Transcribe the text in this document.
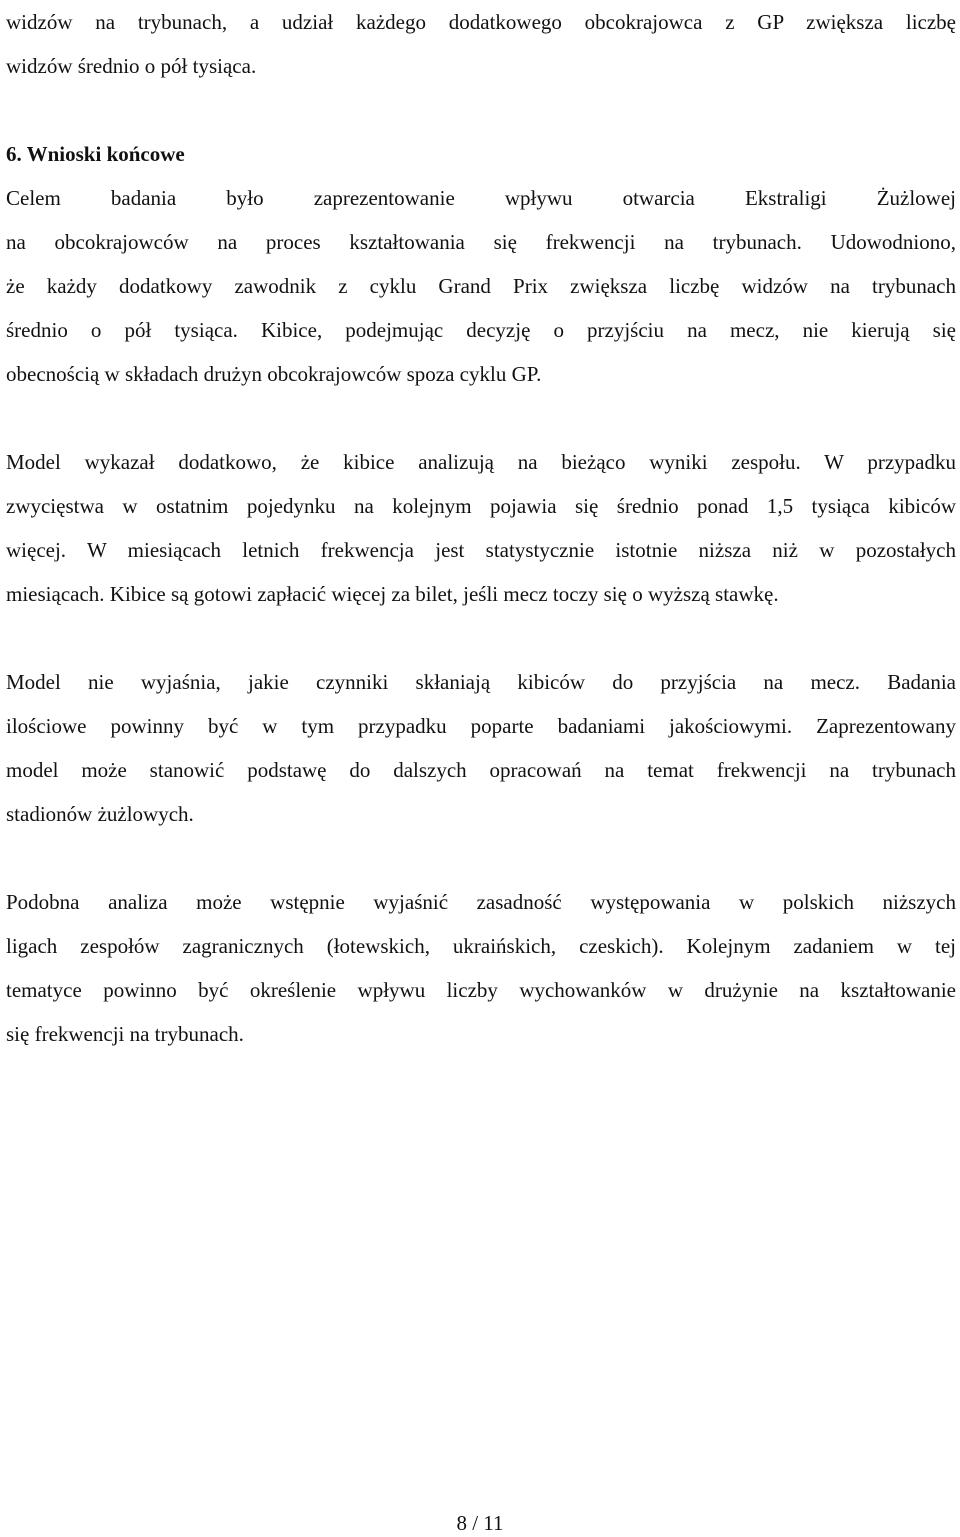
widzów na trybunach, a udział każdego dodatkowego obcokrajowca z GP zwiększa liczbę
widzów średnio o pół tysiąca.

6. Wnioski końcowe

Celem badania było zaprezentowanie wpływu otwarcia Ekstraligi Żużlowej
na obcokrajowców na proces kształtowania się frekwencji na trybunach. Udowodniono,
że każdy dodatkowy zawodnik z cyklu Grand Prix zwiększa liczbę widzów na trybunach
średnio o pół tysiąca. Kibice, podejmując decyzję o przyjściu na mecz, nie kierują się
obecnością w składach drużyn obcokrajowców spoza cyklu GP.

Model wykazał dodatkowo, że kibice analizują na bieżąco wyniki zespołu. W przypadku
zwycięstwa w ostatnim pojedynku na kolejnym pojawia się średnio ponad 1,5 tysiąca kibiców
więcej. W miesiącach letnich frekwencja jest statystycznie istotnie niższa niż w pozostałych
miesiącach. Kibice są gotowi zapłacić więcej za bilet, jeśli mecz toczy się o wyższą stawkę.

Model nie wyjaśnia, jakie czynniki skłaniają kibiców do przyjścia na mecz. Badania
ilościowe powinny być w tym przypadku poparte badaniami jakościowymi. Zaprezentowany
model może stanowić podstawę do dalszych opracowań na temat frekwencji na trybunach
stadionów żużlowych.

Podobna analiza może wstępnie wyjaśnić zasadność występowania w polskich niższych
ligach zespołów zagranicznych (łotewskich, ukraińskich, czeskich). Kolejnym zadaniem w tej
tematyce powinno być określenie wpływu liczby wychowanków w drużynie na kształtowanie
się frekwencji na trybunach.

8 / 11
